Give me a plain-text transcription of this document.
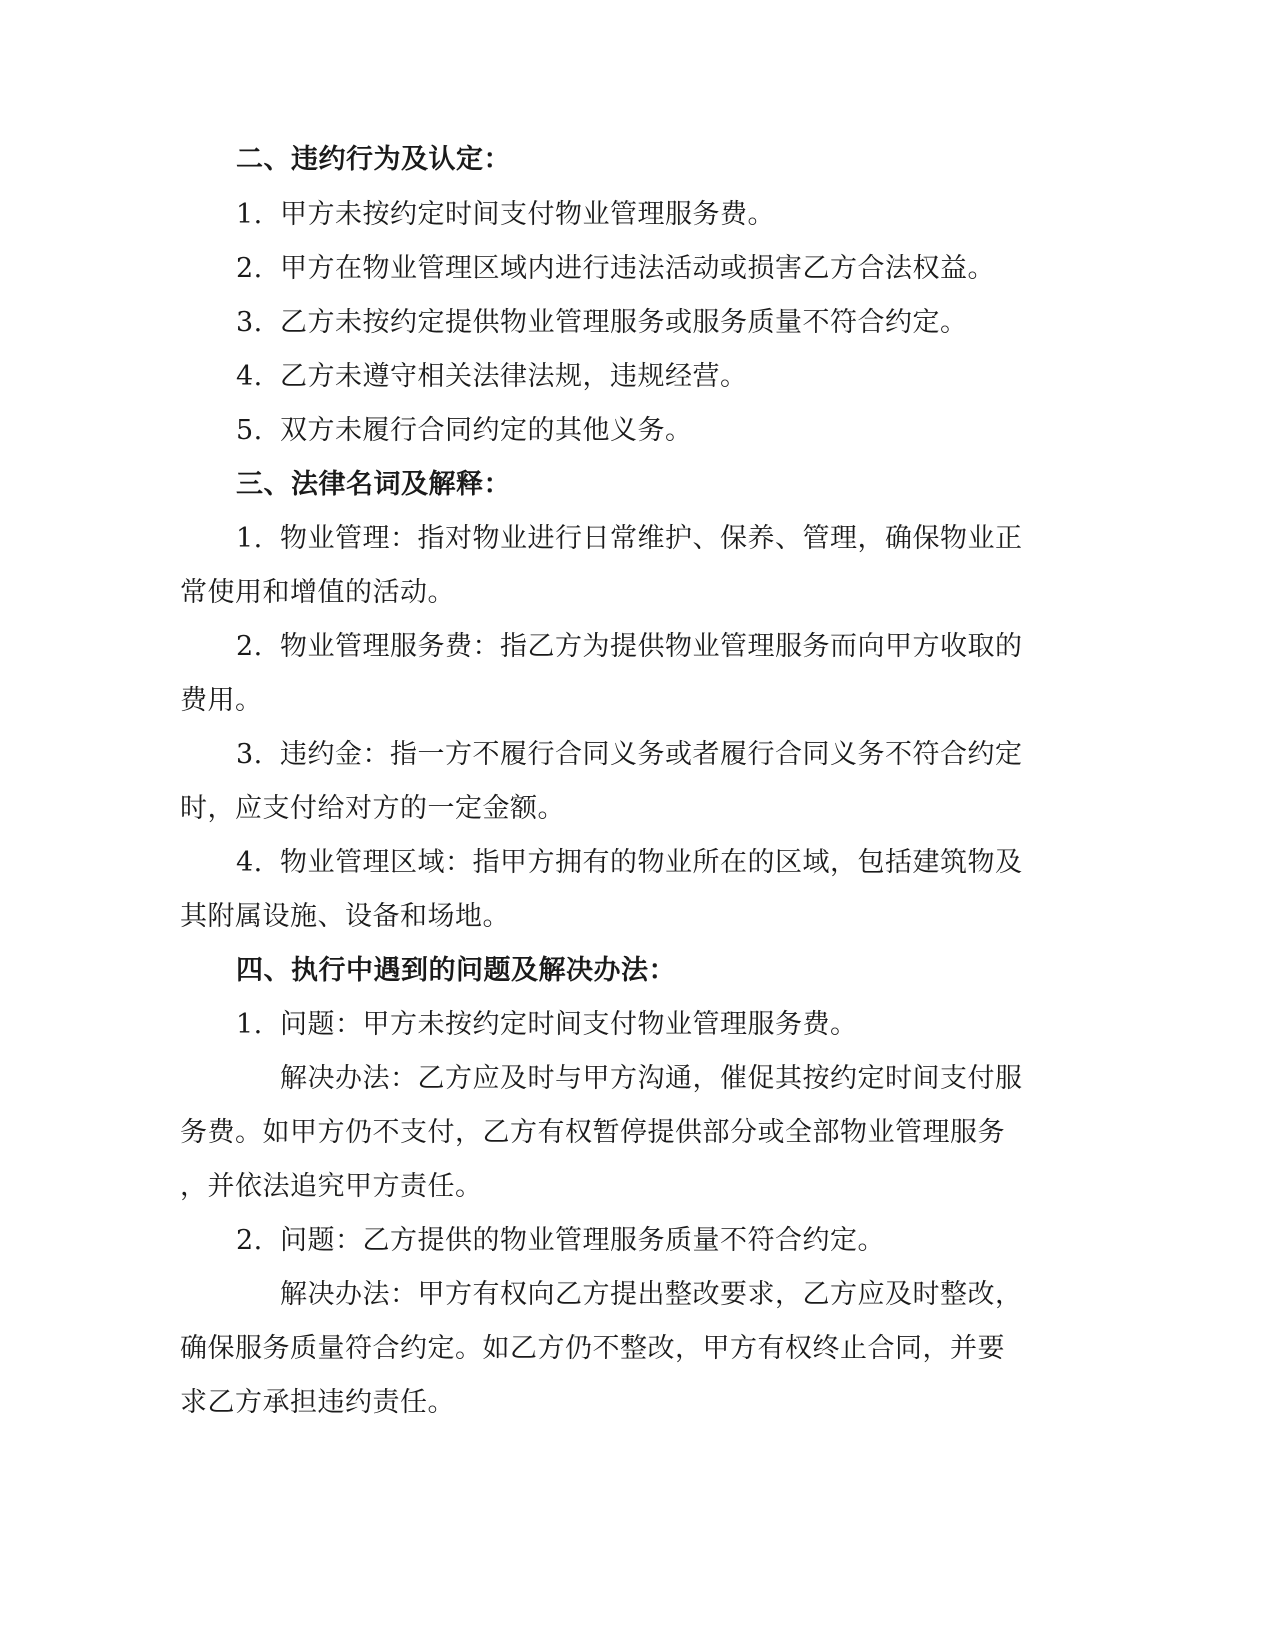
二、违约行为及认定：
1. 甲方未按约定时间支付物业管理服务费。
2. 甲方在物业管理区域内进行违法活动或损害乙方合法权益。
3. 乙方未按约定提供物业管理服务或服务质量不符合约定。
4. 乙方未遵守相关法律法规，违规经营。
5. 双方未履行合同约定的其他义务。
三、法律名词及解释：
1. 物业管理：指对物业进行日常维护、保养、管理，确保物业正
常使用和增值的活动。
2. 物业管理服务费：指乙方为提供物业管理服务而向甲方收取的
费用。
3. 违约金：指一方不履行合同义务或者履行合同义务不符合约定
时，应支付给对方的一定金额。
4. 物业管理区域：指甲方拥有的物业所在的区域，包括建筑物及
其附属设施、设备和场地。
四、执行中遇到的问题及解决办法：
1. 问题：甲方未按约定时间支付物业管理服务费。
解决办法：乙方应及时与甲方沟通，催促其按约定时间支付服
务费。如甲方仍不支付，乙方有权暂停提供部分或全部物业管理服务
，并依法追究甲方责任。
2. 问题：乙方提供的物业管理服务质量不符合约定。
解决办法：甲方有权向乙方提出整改要求，乙方应及时整改，
确保服务质量符合约定。如乙方仍不整改，甲方有权终止合同，并要
求乙方承担违约责任。
